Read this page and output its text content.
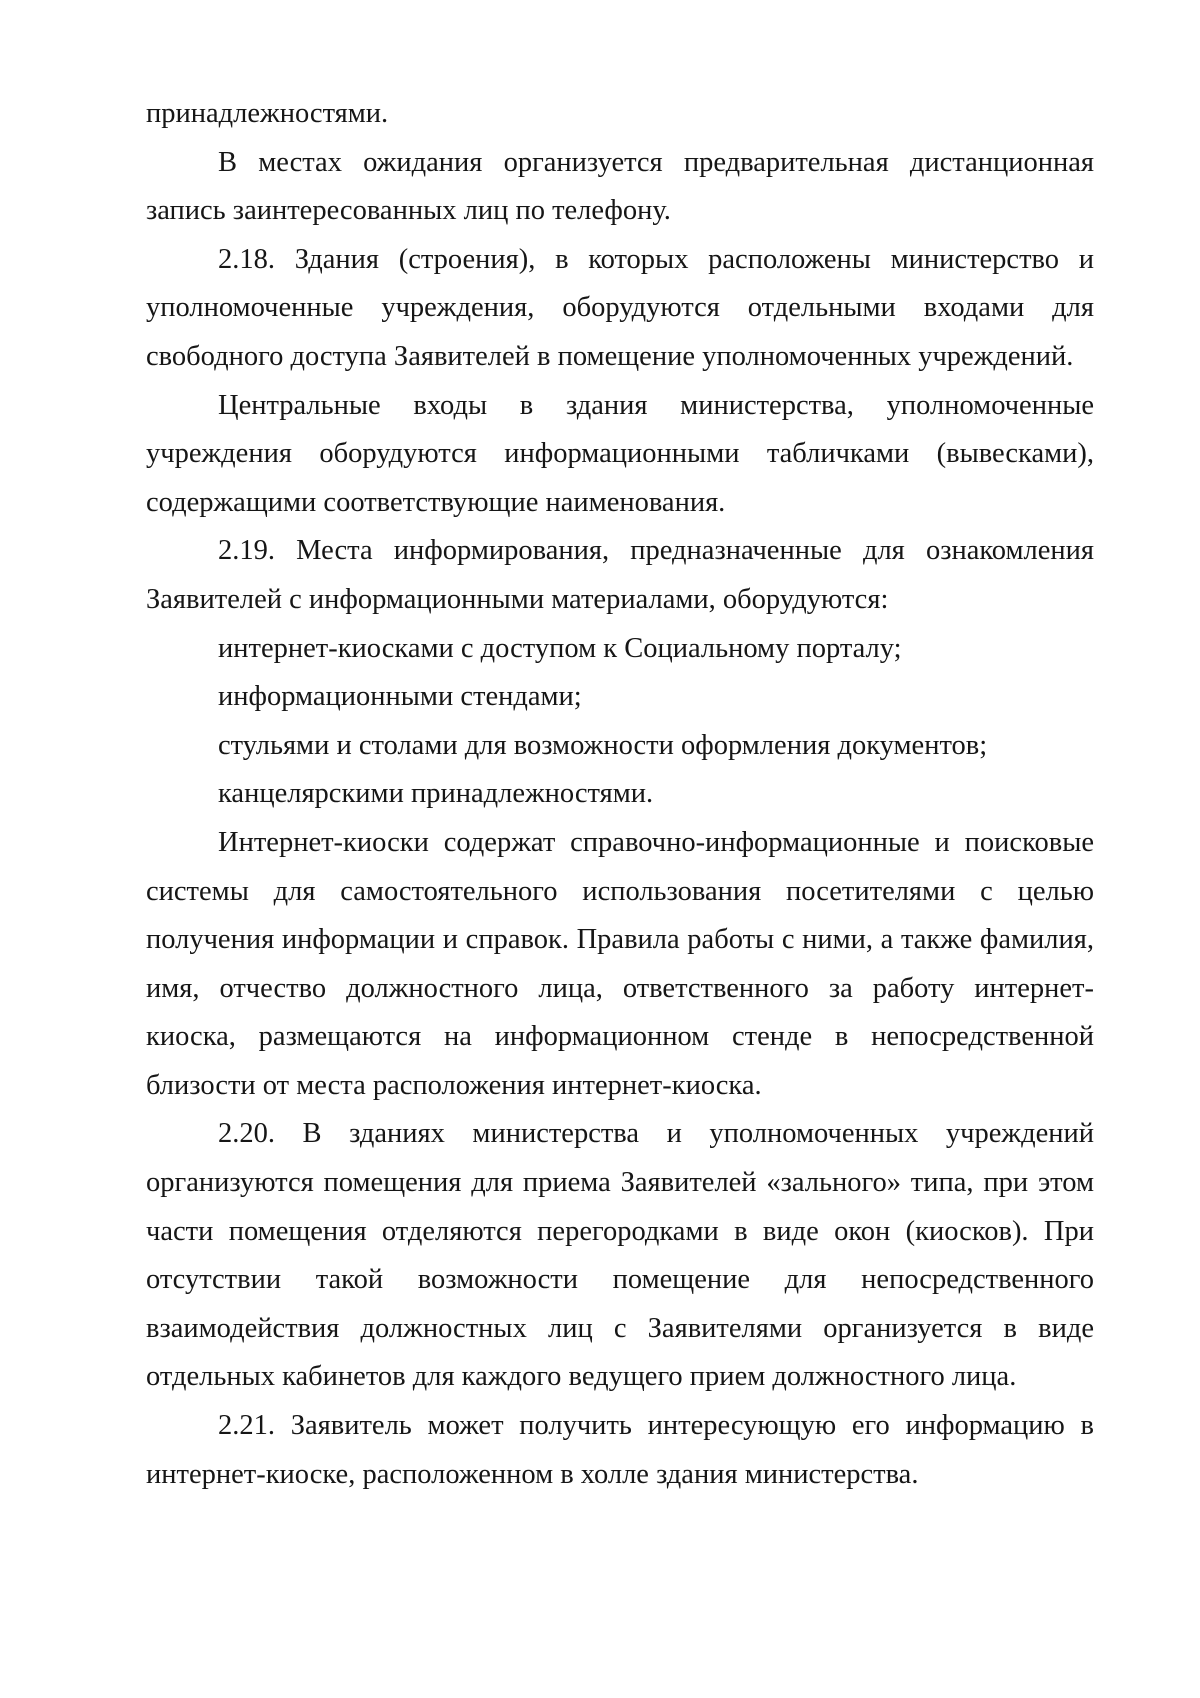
принадлежностями.

В местах ожидания организуется предварительная дистанционная запись заинтересованных лиц по телефону.

2.18. Здания (строения), в которых расположены министерство и уполномоченные учреждения, оборудуются отдельными входами для свободного доступа Заявителей в помещение уполномоченных учреждений.

Центральные входы в здания министерства, уполномоченные учреждения оборудуются информационными табличками (вывесками), содержащими соответствующие наименования.

2.19. Места информирования, предназначенные для ознакомления Заявителей с информационными материалами, оборудуются:

интернет-киосками с доступом к Социальному порталу;

информационными стендами;

стульями и столами для возможности оформления документов;

канцелярскими принадлежностями.

Интернет-киоски содержат справочно-информационные и поисковые системы для самостоятельного использования посетителями с целью получения информации и справок. Правила работы с ними, а также фамилия, имя, отчество должностного лица, ответственного за работу интернет-киоска, размещаются на информационном стенде в непосредственной близости от места расположения интернет-киоска.

2.20. В зданиях министерства и уполномоченных учреждений организуются помещения для приема Заявителей «зального» типа, при этом части помещения отделяются перегородками в виде окон (киосков). При отсутствии такой возможности помещение для непосредственного взаимодействия должностных лиц с Заявителями организуется в виде отдельных кабинетов для каждого ведущего прием должностного лица.

2.21. Заявитель может получить интересующую его информацию в интернет-киоске, расположенном в холле здания министерства.
